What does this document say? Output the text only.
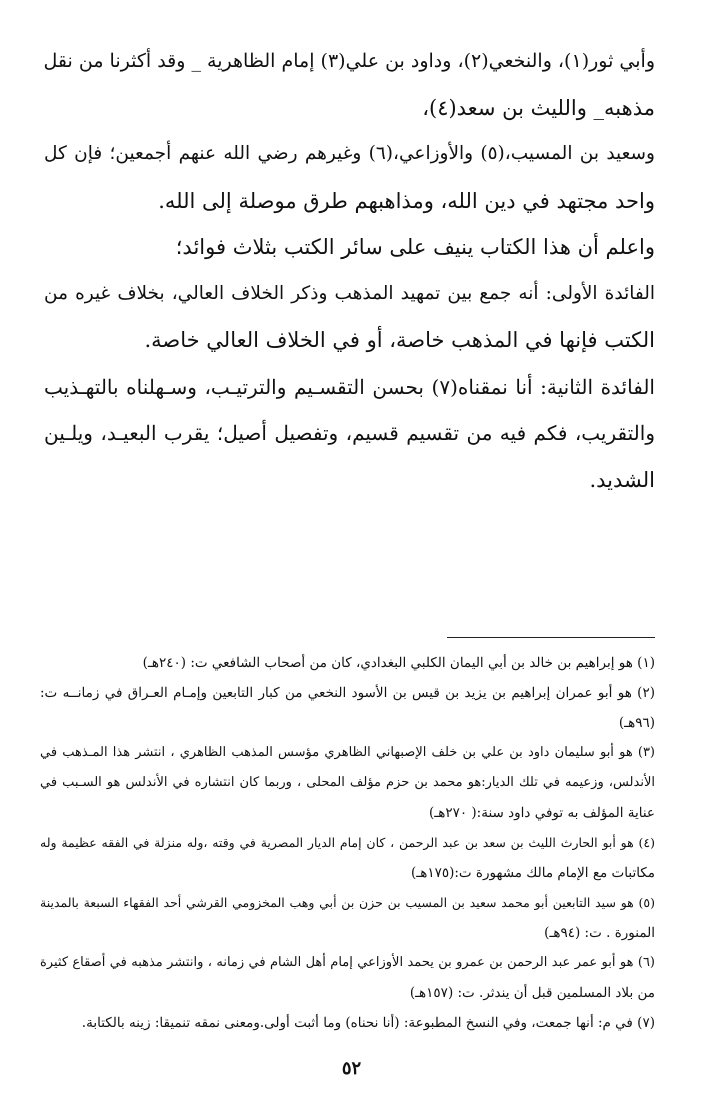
وأبي ثور(١)، والنخعي(٢)، وداود بن علي(٣) إمام الظاهرية _ وقد أكثرنا من نقل
مذهبه_ والليث بن سعد(٤)،
وسعيد بن المسيب،(٥) والأوزاعي،(٦) وغيرهم رضي الله عنهم أجمعين؛ فإن كل
واحد مجتهد في دين الله، ومذاهبهم طرق موصلة إلى الله.
واعلم أن هذا الكتاب ينيف على سائر الكتب بثلاث فوائد؛
الفائدة الأولى: أنه جمع بين تمهيد المذهب وذكر الخلاف العالي، بخلاف غيره من
الكتب فإنها في المذهب خاصة، أو في الخلاف العالي خاصة.
الفائدة الثانية: أنا نمقناه(٧) بحسن التقسـيم والترتيـب، وسـهلناه بالتهـذيب
والتقريب، فكم فيه من تقسيم قسيم، وتفصيل أصيل؛ يقرب البعيـد، ويلـين
الشديد.
(١) هو إبراهيم بن خالد بن أبي اليمان الكلبي البغدادي، كان من أصحاب الشافعي ت: (٢٤٠هـ)
(٢) هو أبو عمران إبراهيم بن يزيد بن قيس بن الأسود النخعي من كبار التابعين وإمـام العـراق في زمانــه ت:
(٩٦هـ)
(٣) هو أبو سليمان داود بن علي بن خلف الإصبهاني الظاهري مؤسس المذهب الظاهري ، انتشر هذا المـذهب في
الأندلس، وزعيمه في تلك الديار:هو محمد بن حزم مؤلف المحلى ، وربما كان انتشاره في الأندلس هو السـبب في
عناية المؤلف به توفي داود سنة:( ٢٧٠هـ)
(٤) هو أبو الحارث الليث بن سعد بن عبد الرحمن ، كان إمام الديار المصرية في وقته ،وله منزلة في الفقه عظيمة وله
مكاتبات مع الإمام مالك مشهورة ت:(١٧٥هـ)
(٥) هو سيد التابعين أبو محمد سعيد بن المسيب بن حزن بن أبي وهب المخزومي القرشي أحد الفقهاء السبعة بالمدينة
المنورة . ت: (٩٤هـ)
(٦) هو أبو عمر عبد الرحمن بن عمرو بن يحمد الأوزاعي إمام أهل الشام في زمانه ، وانتشر مذهبه في أصقاع كثيرة
من بلاد المسلمين قبل أن يندثر. ت: (١٥٧هـ)
(٧) في م: أنها جمعت، وفي النسخ المطبوعة: (أنا نحناه) وما أثبت أولى.ومعنى نمقه تنميقا: زينه بالكتابة.
٥٢
